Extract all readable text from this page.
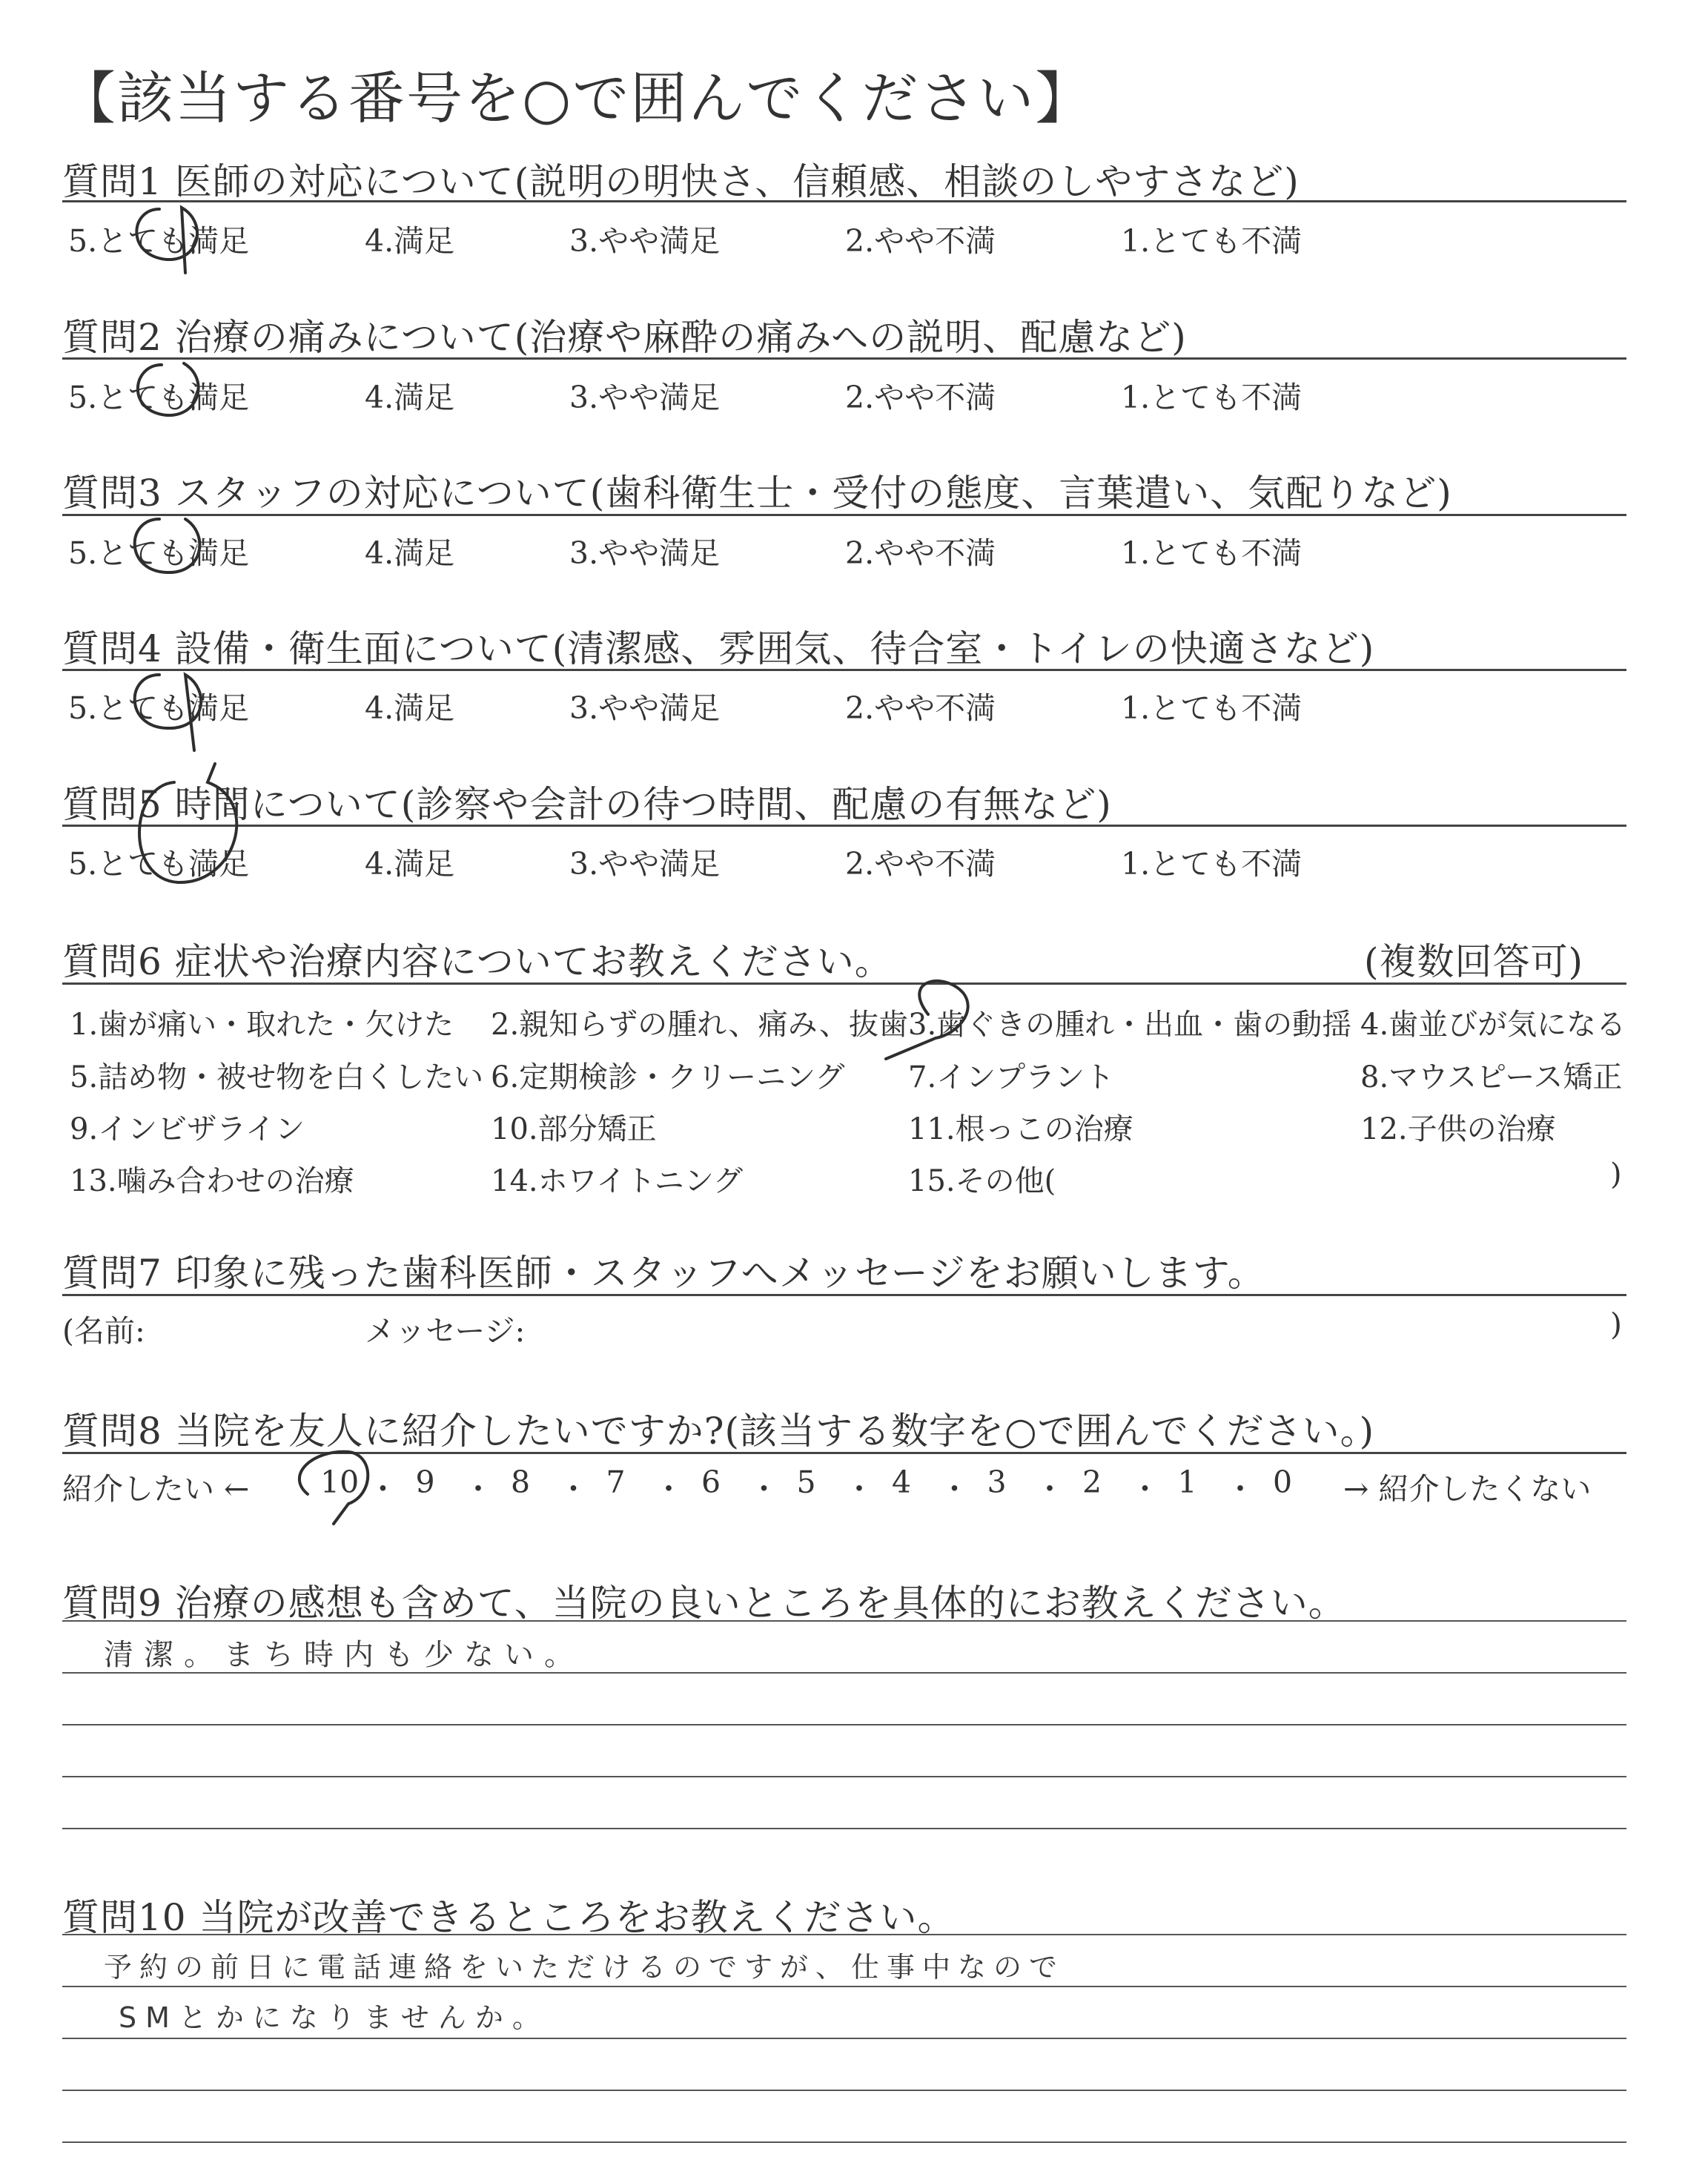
【該当する番号を○で囲んでください】
質問1 医師の対応について(説明の明快さ、信頼感、相談のしやすさなど)
5.とても満足	4.満足	3.やや満足	2.やや不満	1.とても不満
質問2 治療の痛みについて(治療や麻酔の痛みへの説明、配慮など)
5.とても満足	4.満足	3.やや満足	2.やや不満	1.とても不満
質問3 スタッフの対応について(歯科衛生士・受付の態度、言葉遣い、気配りなど)
5.とても満足	4.満足	3.やや満足	2.やや不満	1.とても不満
質問4 設備・衛生面について(清潔感、雰囲気、待合室・トイレの快適さなど)
5.とても満足	4.満足	3.やや満足	2.やや不満	1.とても不満
質問5 時間について(診察や会計の待つ時間、配慮の有無など)
5.とても満足	4.満足	3.やや満足	2.やや不満	1.とても不満
質問6 症状や治療内容についてお教えください。	(複数回答可)
1.歯が痛い・取れた・欠けた 2.親知らずの腫れ、痛み、抜歯 3.歯ぐきの腫れ・出血・歯の動揺 4.歯並びが気になる
5.詰め物・被せ物を白くしたい 6.定期検診・クリーニング 7.インプラント	8.マウスピース矯正
9.インビザライン	10.部分矯正	11.根っこの治療	12.子供の治療
13.噛み合わせの治療	14.ホワイトニング	15.その他(	)
質問7 印象に残った歯科医師・スタッフへメッセージをお願いします。
(名前:	メッセージ:	)
質問8 当院を友人に紹介したいですか?(該当する数字を○で囲んでください。)
紹介したい ← 10 ・ 9 ・ 8 ・ 7 ・ 6 ・ 5 ・ 4 ・ 3 ・ 2 ・ 1 ・ 0 → 紹介したくない
質問9 治療の感想も含めて、当院の良いところを具体的にお教えください。
清潔。まち時内も少ない。
質問10 当院が改善できるところをお教えください。
予約の前日に電話連絡をいただけるのですが、仕事中なので
SMとかになりませんか。
